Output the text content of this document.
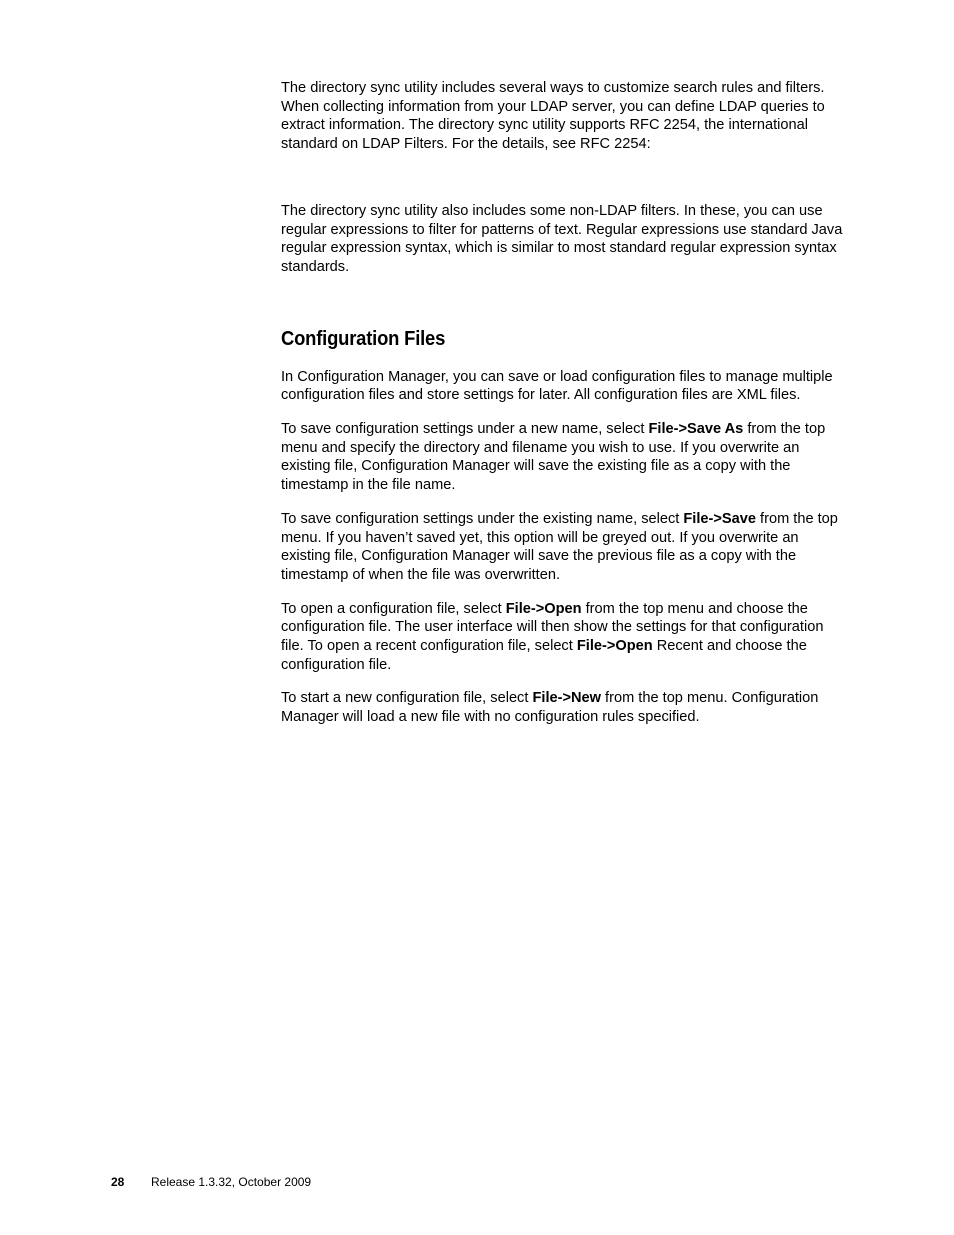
The directory sync utility includes several ways to customize search rules and filters. When collecting information from your LDAP server, you can define LDAP queries to extract information. The directory sync utility supports RFC 2254, the international standard on LDAP Filters. For the details, see RFC 2254:

The directory sync utility also includes some non-LDAP filters. In these, you can use regular expressions to filter for patterns of text. Regular expressions use standard Java regular expression syntax, which is similar to most standard regular expression syntax standards.

Configuration Files

In Configuration Manager, you can save or load configuration files to manage multiple configuration files and store settings for later. All configuration files are XML files.

To save configuration settings under a new name, select File->Save As from the top menu and specify the directory and filename you wish to use. If you overwrite an existing file, Configuration Manager will save the existing file as a copy with the timestamp in the file name.

To save configuration settings under the existing name, select File->Save from the top menu. If you haven’t saved yet, this option will be greyed out. If you overwrite an existing file, Configuration Manager will save the previous file as a copy with the timestamp of when the file was overwritten.

To open a configuration file, select File->Open from the top menu and choose the configuration file. The user interface will then show the settings for that configuration file. To open a recent configuration file, select File->Open Recent and choose the configuration file.

To start a new configuration file, select File->New from the top menu. Configuration Manager will load a new file with no configuration rules specified.

28 Release 1.3.32, October 2009
